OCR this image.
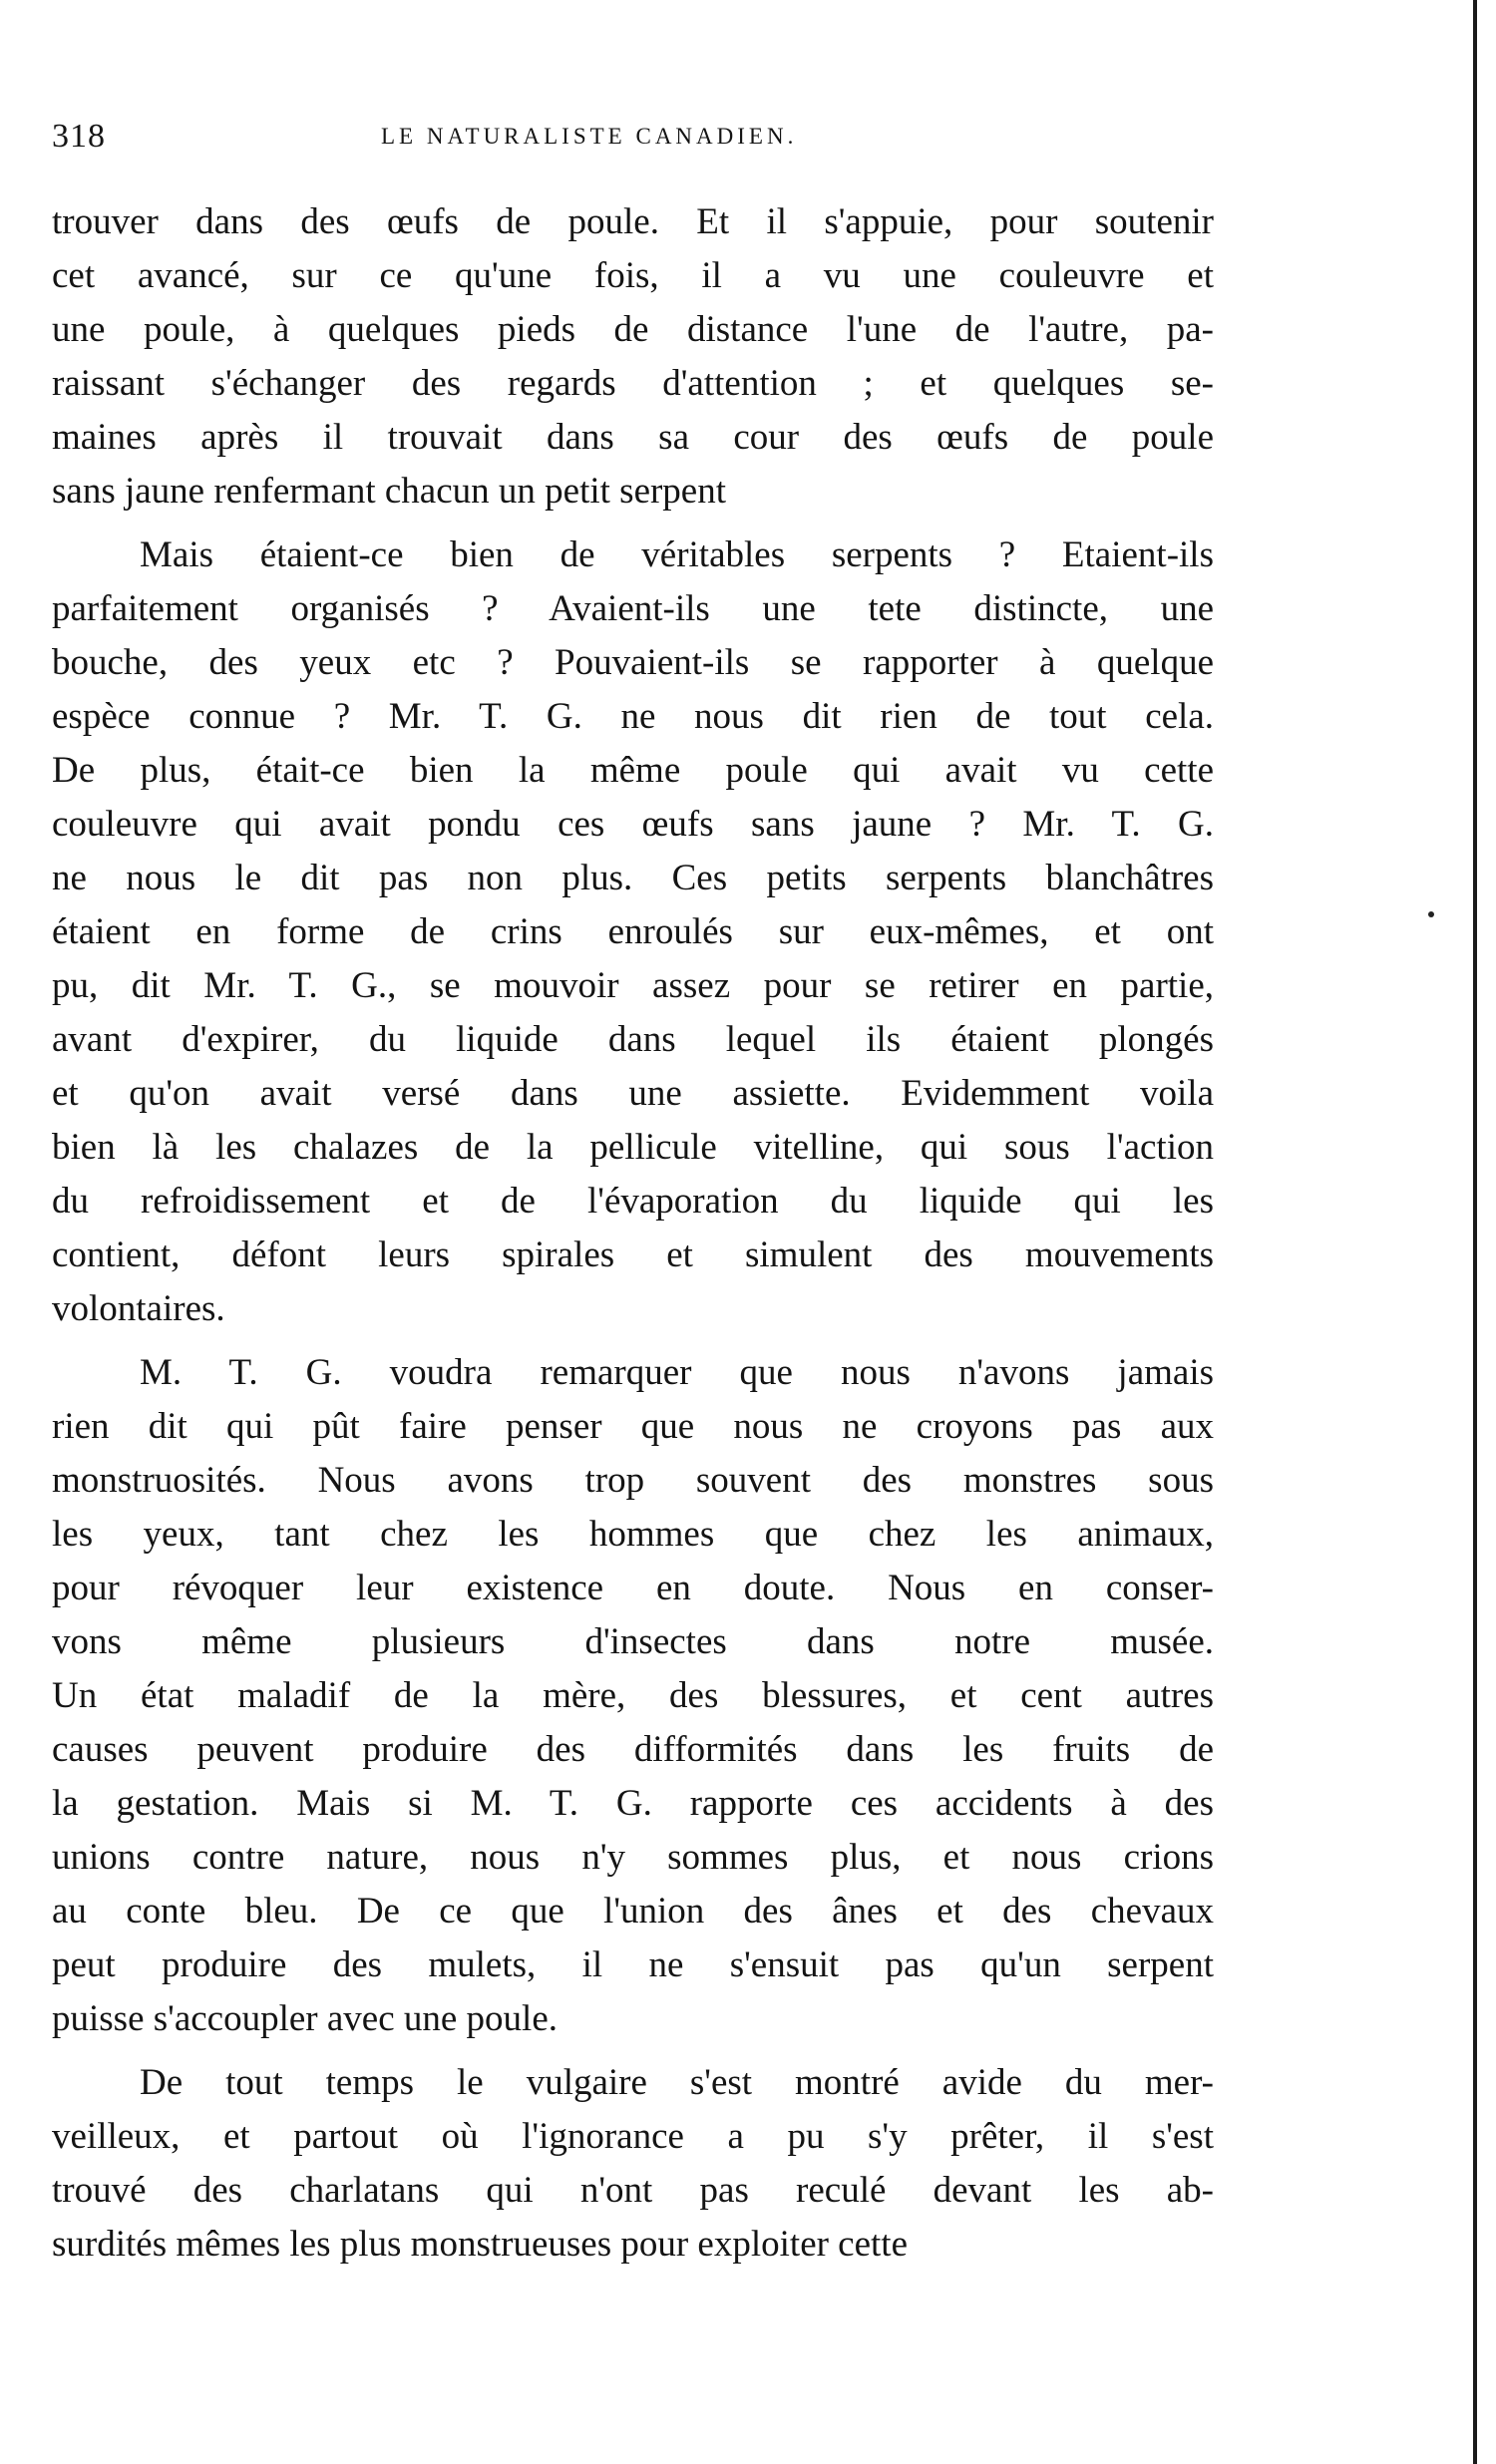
318	LE NATURALISTE CANADIEN.
trouver dans des œufs de poule. Et il s'appuie, pour soutenir
cet avancé, sur ce qu'une fois, il a vu une couleuvre et
une poule, à quelques pieds de distance l'une de l'autre, pa-
raissant s'échanger des regards d'attention ; et quelques se-
maines après il trouvait dans sa cour des œufs de poule
sans jaune renfermant chacun un petit serpent
Mais étaient-ce bien de véritables serpents ? Etaient-ils
parfaitement organisés ? Avaient-ils une tete distincte, une
bouche, des yeux etc ? Pouvaient-ils se rapporter à quelque
espèce connue ? Mr. T. G. ne nous dit rien de tout cela.
De plus, était-ce bien la même poule qui avait vu cette
couleuvre qui avait pondu ces œufs sans jaune ? Mr. T. G.
ne nous le dit pas non plus. Ces petits serpents blanchâtres
étaient en forme de crins enroulés sur eux-mêmes, et ont
pu, dit Mr. T. G., se mouvoir assez pour se retirer en partie,
avant d'expirer, du liquide dans lequel ils étaient plongés
et qu'on avait versé dans une assiette. Evidemment voila
bien là les chalazes de la pellicule vitelline, qui sous l'action
du refroidissement et de l'évaporation du liquide qui les
contient, défont leurs spirales et simulent des mouvements
volontaires.
M. T. G. voudra remarquer que nous n'avons jamais
rien dit qui pût faire penser que nous ne croyons pas aux
monstruosités. Nous avons trop souvent des monstres sous
les yeux, tant chez les hommes que chez les animaux,
pour révoquer leur existence en doute. Nous en conser-
vons même plusieurs d'insectes dans notre musée.
Un état maladif de la mère, des blessures, et cent autres
causes peuvent produire des difformités dans les fruits de
la gestation. Mais si M. T. G. rapporte ces accidents à des
unions contre nature, nous n'y sommes plus, et nous crions
au conte bleu. De ce que l'union des ânes et des chevaux
peut produire des mulets, il ne s'ensuit pas qu'un serpent
puisse s'accoupler avec une poule.
De tout temps le vulgaire s'est montré avide du mer-
veilleux, et partout où l'ignorance a pu s'y prêter, il s'est
trouvé des charlatans qui n'ont pas reculé devant les ab-
surdités mêmes les plus monstrueuses pour exploiter cette
